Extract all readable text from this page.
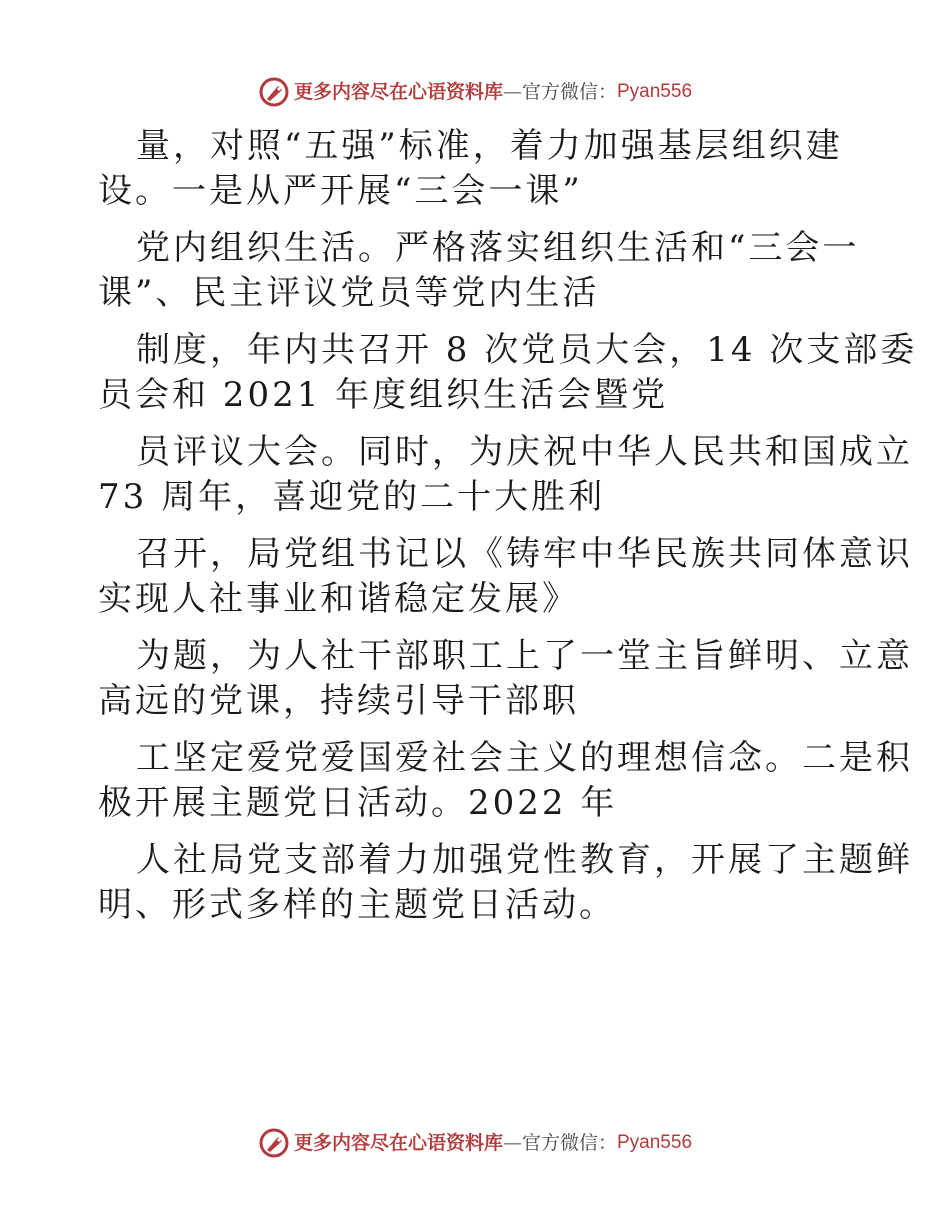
更多内容尽在心语资料库 — 官方微信： Pyan556
量，对照“五强”标准，着力加强基层组织建
设。一是从严开展“三会一课”
党内组织生活。严格落实组织生活和“三会一
课”、民主评议党员等党内生活
制度，年内共召开 8 次党员大会，14 次支部委
员会和 2021 年度组织生活会暨党
员评议大会。同时，为庆祝中华人民共和国成立
73 周年，喜迎党的二十大胜利
召开，局党组书记以《铸牢中华民族共同体意识
实现人社事业和谐稳定发展》
为题，为人社干部职工上了一堂主旨鲜明、立意
高远的党课，持续引导干部职
工坚定爱党爱国爱社会主义的理想信念。二是积
极开展主题党日活动。2022 年
人社局党支部着力加强党性教育，开展了主题鲜
明、形式多样的主题党日活动。
更多内容尽在心语资料库 — 官方微信： Pyan556
